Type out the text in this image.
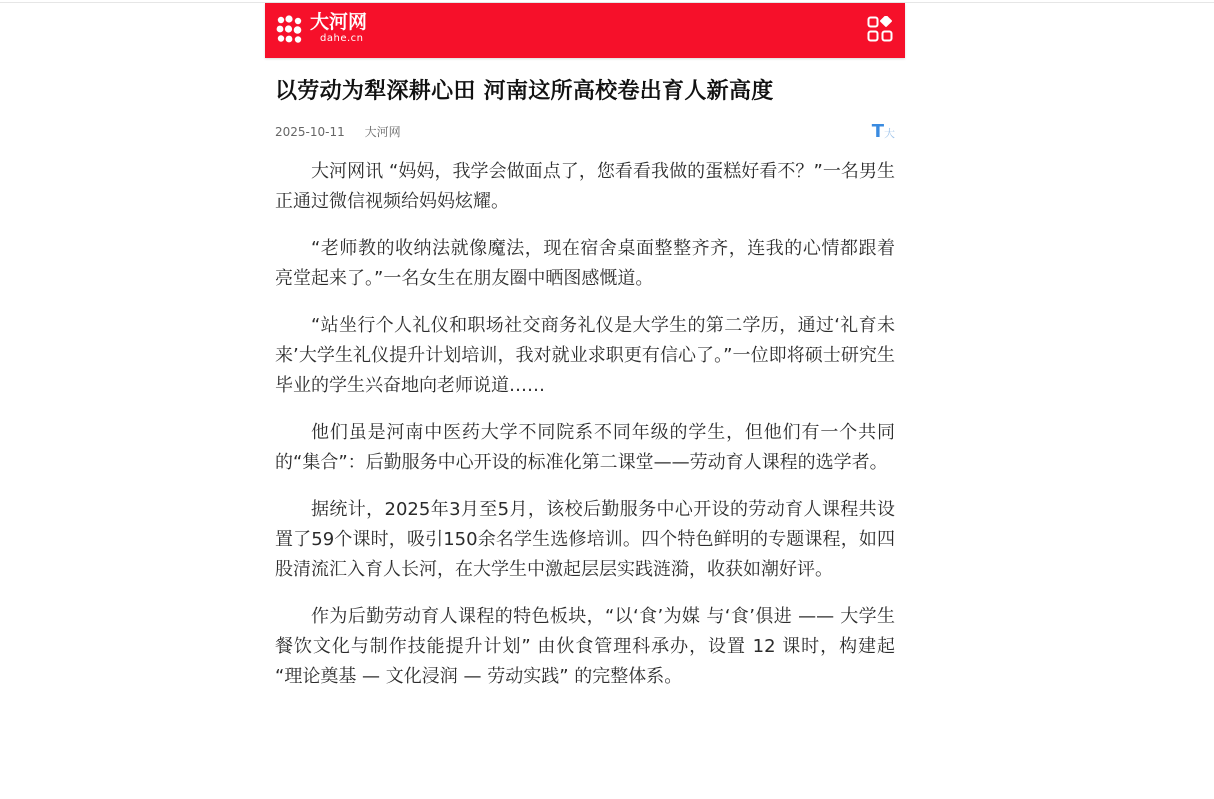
大河网
dahe.cn
以劳动为犁深耕心田 河南这所高校卷出育人新高度
2025-10-11 大河网	T大

大河网讯 “妈妈，我学会做面点了，您看看我做的蛋糕好看不？”一名男生正通过微信视频给妈妈炫耀。

“老师教的收纳法就像魔法，现在宿舍桌面整整齐齐，连我的心情都跟着亮堂起来了。”一名女生在朋友圈中晒图感慨道。

“站坐行个人礼仪和职场社交商务礼仪是大学生的第二学历，通过‘礼育未来’大学生礼仪提升计划培训，我对就业求职更有信心了。”一位即将硕士研究生毕业的学生兴奋地向老师说道……

他们虽是河南中医药大学不同院系不同年级的学生，但他们有一个共同的“集合”：后勤服务中心开设的标准化第二课堂——劳动育人课程的选学者。

据统计，2025年3月至5月，该校后勤服务中心开设的劳动育人课程共设置了59个课时，吸引150余名学生选修培训。四个特色鲜明的专题课程，如四股清流汇入育人长河，在大学生中激起层层实践涟漪，收获如潮好评。

作为后勤劳动育人课程的特色板块，“以‘食’为媒 与‘食’俱进 —— 大学生餐饮文化与制作技能提升计划” 由伙食管理科承办，设置 12 课时，构建起 “理论奠基 — 文化浸润 — 劳动实践” 的完整体系。
